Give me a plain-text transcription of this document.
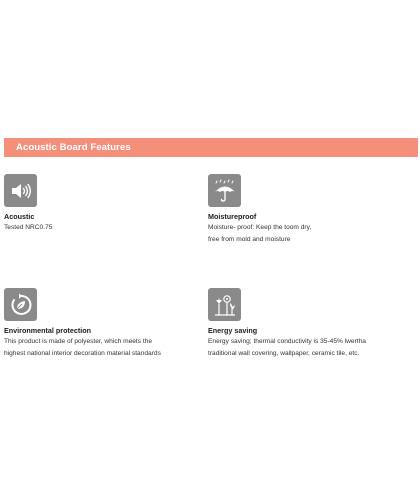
Acoustic Board Features
Acoustic
Tested NRC0.75
Moistureproof
Moisture- proof: Keep the toom dry,
free from mold and moisture
Environmental protection
This product is made of polyester, which meets the
highest national interior decoration material standards
Energy saving
Energy saving; thermal conductivity is 35-45% lwertha
traditional wall covering, wallpaper, ceramic tile, etc.
